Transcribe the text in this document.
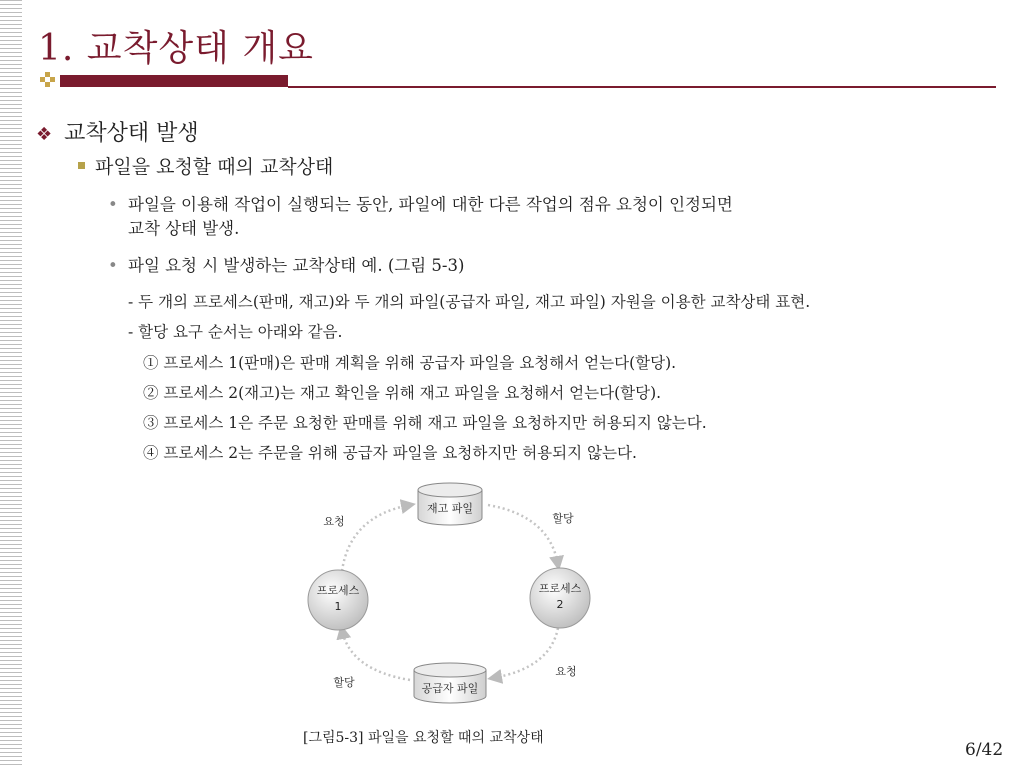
1. 교착상태 개요
❖ 교착상태 발생
파일을 요청할 때의 교착상태
• 파일을 이용해 작업이 실행되는 동안, 파일에 대한 다른 작업의 점유 요청이 인정되면
교착 상태 발생.
• 파일 요청 시 발생하는 교착상태 예. (그림 5-3)
- 두 개의 프로세스(판매, 재고)와 두 개의 파일(공급자 파일, 재고 파일) 자원을 이용한 교착상태 표현.
- 할당 요구 순서는 아래와 같음.
① 프로세스 1(판매)은 판매 계획을 위해 공급자 파일을 요청해서 얻는다(할당).
② 프로세스 2(재고)는 재고 확인을 위해 재고 파일을 요청해서 얻는다(할당).
③ 프로세스 1은 주문 요청한 판매를 위해 재고 파일을 요청하지만 허용되지 않는다.
④ 프로세스 2는 주문을 위해 공급자 파일을 요청하지만 허용되지 않는다.
재고 파일
공급자 파일
프로세스
1
프로세스
2
요청	할당
요청
할당
[그림5-3] 파일을 요청할 때의 교착상태
6/42
